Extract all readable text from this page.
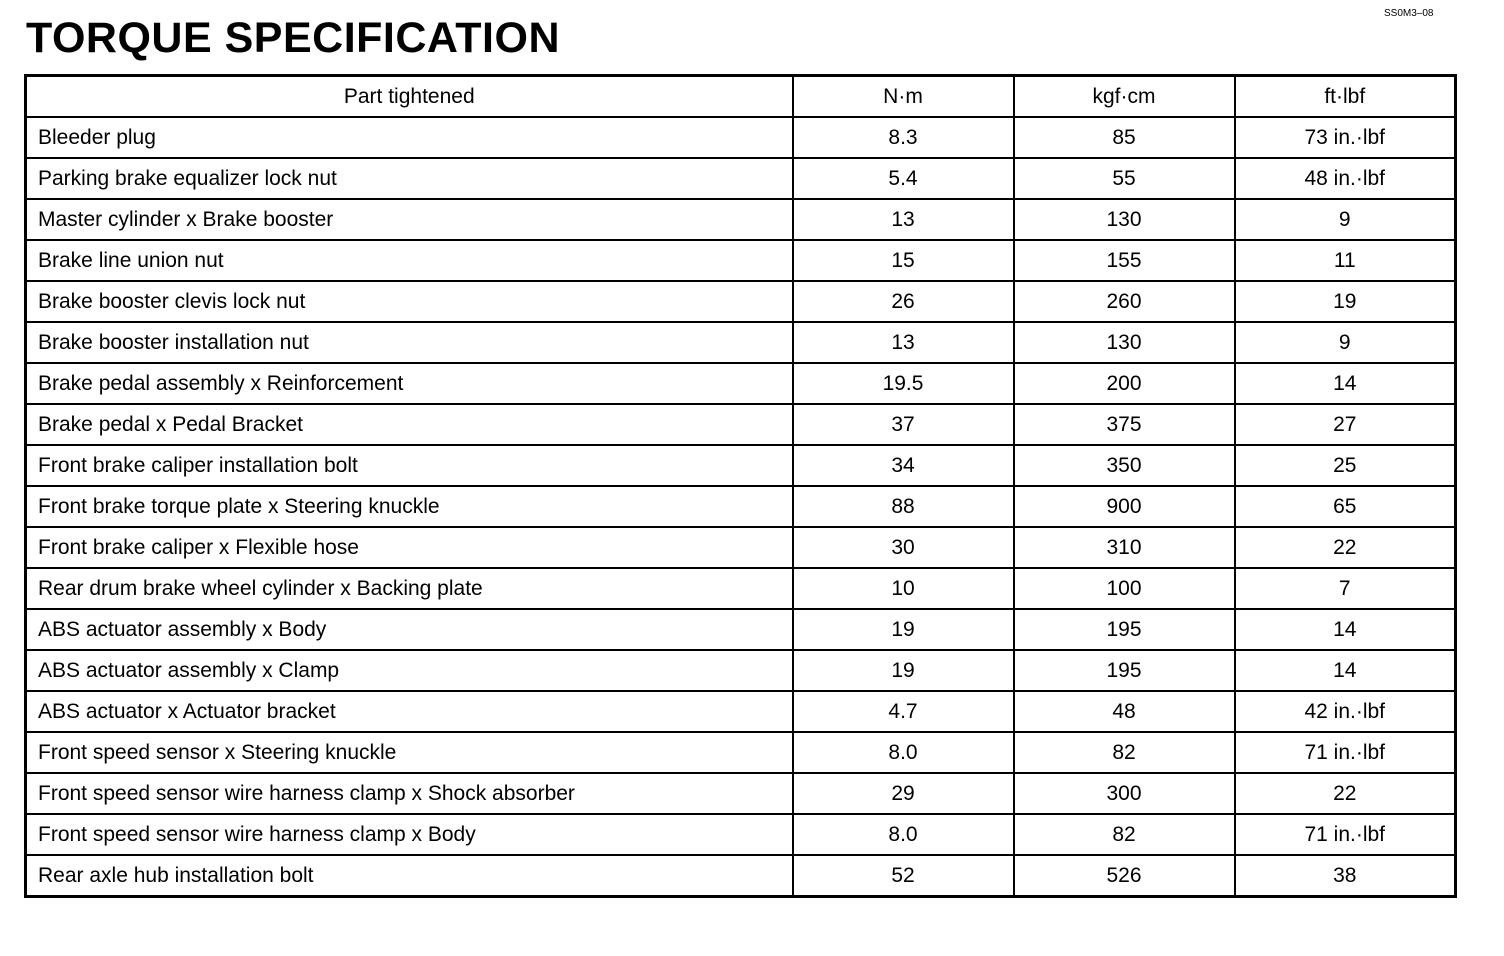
SS0M3–08
TORQUE SPECIFICATION
Part tightened	N·m	kgf·cm	ft·lbf
Bleeder plug	8.3	85	73 in.·lbf
Parking brake equalizer lock nut	5.4	55	48 in.·lbf
Master cylinder x Brake booster	13	130	9
Brake line union nut	15	155	11
Brake booster clevis lock nut	26	260	19
Brake booster installation nut	13	130	9
Brake pedal assembly x Reinforcement	19.5	200	14
Brake pedal x Pedal Bracket	37	375	27
Front brake caliper installation bolt	34	350	25
Front brake torque plate x Steering knuckle	88	900	65
Front brake caliper x Flexible hose	30	310	22
Rear drum brake wheel cylinder x Backing plate	10	100	7
ABS actuator assembly x Body	19	195	14
ABS actuator assembly x Clamp	19	195	14
ABS actuator x Actuator bracket	4.7	48	42 in.·lbf
Front speed sensor x Steering knuckle	8.0	82	71 in.·lbf
Front speed sensor wire harness clamp x Shock absorber	29	300	22
Front speed sensor wire harness clamp x Body	8.0	82	71 in.·lbf
Rear axle hub installation bolt	52	526	38
